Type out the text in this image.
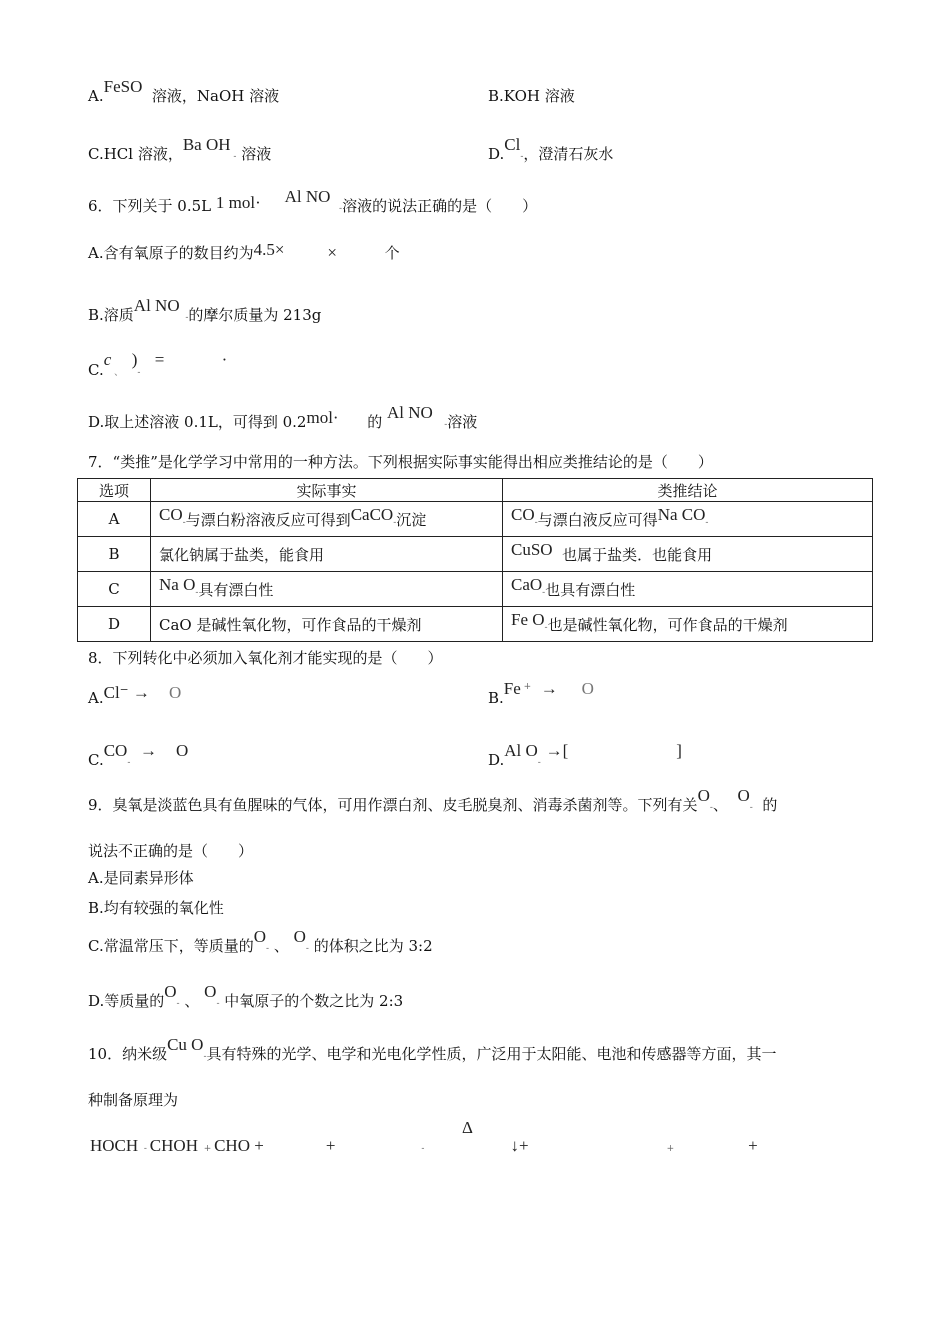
A.FeSO 溶液，NaOH 溶液	B.KOH 溶液
C.HCl 溶液，Ba OH - 溶液	D.Cl-，澄清石灰水
6．下列关于 0.5L 1 mol· Al NO   -溶液的说法正确的是（　　）
A.含有氧原子的数目约为4.5×	×	个
B.溶质Al NO  -的摩尔质量为 213g
C.c 、   )-   =	·
D.取上述溶液 0.1L，可得到 0.2mol· 的 Al NO    -溶液
7．“类推”是化学学习中常用的一种方法。下列根据实际事实能得出相应类推结论的是（　　）
选项	实际事实	类推结论
A	CO-与漂白粉溶液反应可得到CaCO-沉淀	CO-与漂白液反应可得Na CO-
B	氯化钠属于盐类，能食用	CuSO 也属于盐类．也能食用
C	Na O-具有漂白性	CaO-也具有漂白性
D	CaO 是碱性氧化物，可作食品的干燥剂	Fe O-也是碱性氧化物，可作食品的干燥剂
8．下列转化中必须加入氧化剂才能实现的是（　　）
A.Cl⁻ → O	B.Fe + → O
C.CO-  → O	D.Al O- →[	]
9．臭氧是淡蓝色具有鱼腥味的气体，可用作漂白剂、皮毛脱臭剂、消毒杀菌剂等。下列有关O-、 O- 的
说法不正确的是（　　）
A.是同素异形体
B.均有较强的氧化性
C.常温常压下，等质量的O- 、 O- 的体积之比为 3:2
D.等质量的O- 、 O- 中氧原子的个数之比为 2:3
10．纳米级Cu O-具有特殊的光学、电学和光电化学性质，广泛用于太阳能、电池和传感器等方面，其一
种制备原理为
Δ
HOCH  - CHOH  + CHO +	+	-	↓+	+	+
